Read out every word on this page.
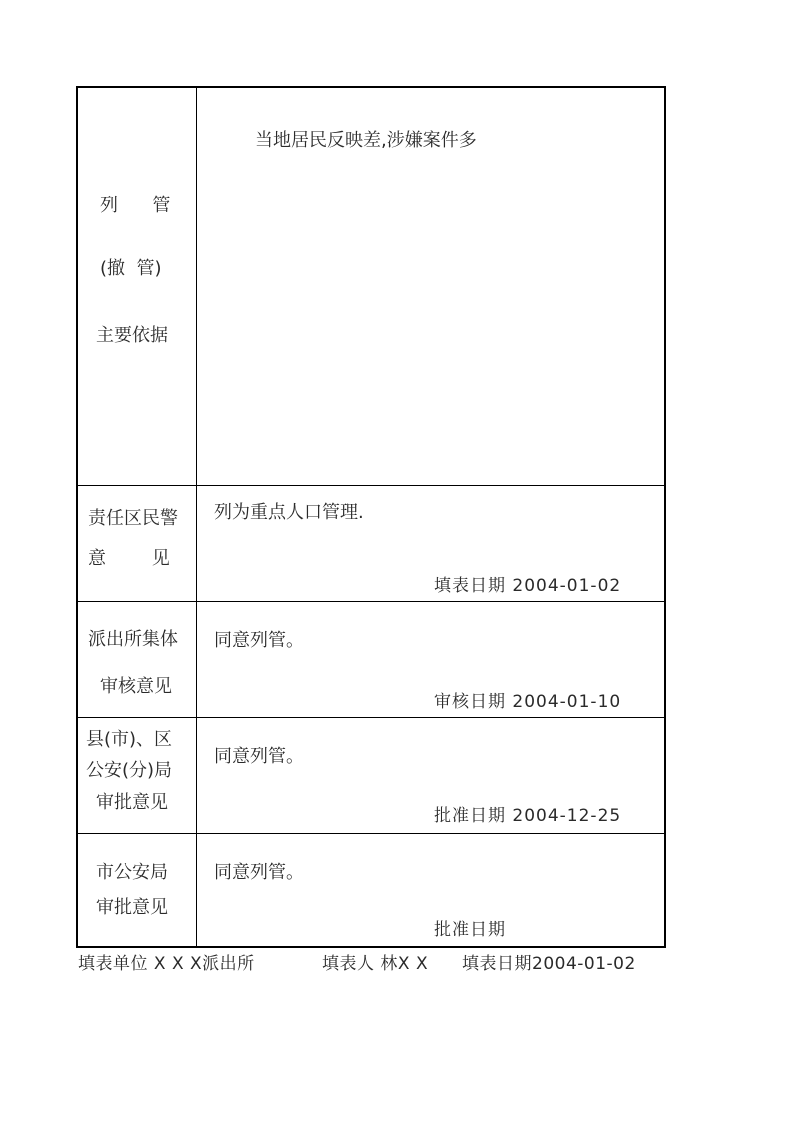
列      管
(撤  管)
主要依据
当地居民反映差,涉嫌案件多
责任区民警
意        见
列为重点人口管理.
填表日期 2004-01-02
派出所集体
审核意见
同意列管。
审核日期 2004-01-10
县(市)、区
公安(分)局
审批意见
同意列管。
批准日期 2004-12-25
市公安局
审批意见
同意列管。
批准日期
填表单位 X X X派出所	填表人 林X X 填表日期2004-01-02
